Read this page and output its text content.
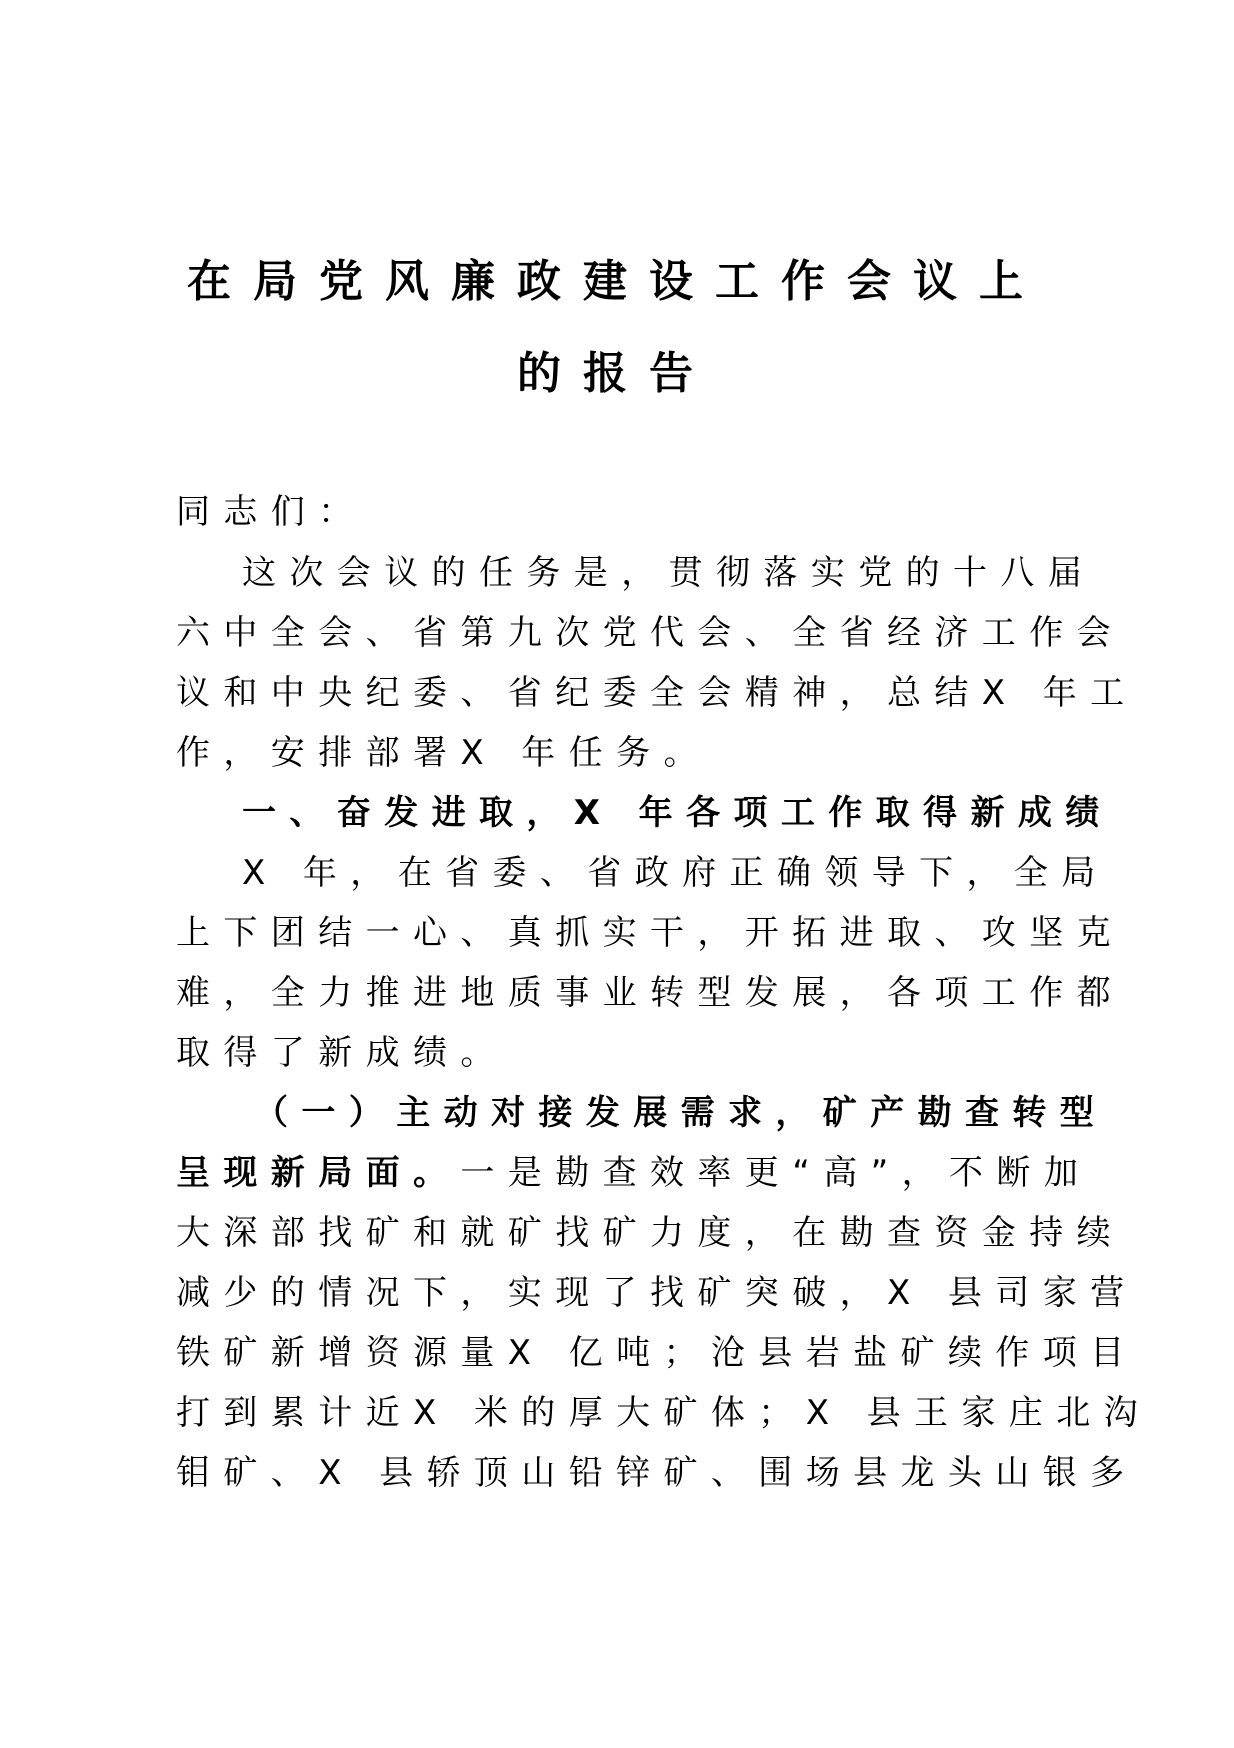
在局党风廉政建设工作会议上
的报告
同志们：
这次会议的任务是，贯彻落实党的十八届
六中全会、省第九次党代会、全省经济工作会
议和中央纪委、省纪委全会精神，总结X 年工
作，安排部署X 年任务。
一、奋发进取，X 年各项工作取得新成绩
X 年，在省委、省政府正确领导下，全局
上下团结一心、真抓实干，开拓进取、攻坚克
难，全力推进地质事业转型发展，各项工作都
取得了新成绩。
（一）主动对接发展需求，矿产勘查转型
呈现新局面。一是勘查效率更“高”，不断加
大深部找矿和就矿找矿力度，在勘查资金持续
减少的情况下，实现了找矿突破，X 县司家营
铁矿新增资源量X 亿吨；沧县岩盐矿续作项目
打到累计近X 米的厚大矿体；X 县王家庄北沟
钼矿、X 县轿顶山铅锌矿、围场县龙头山银多
